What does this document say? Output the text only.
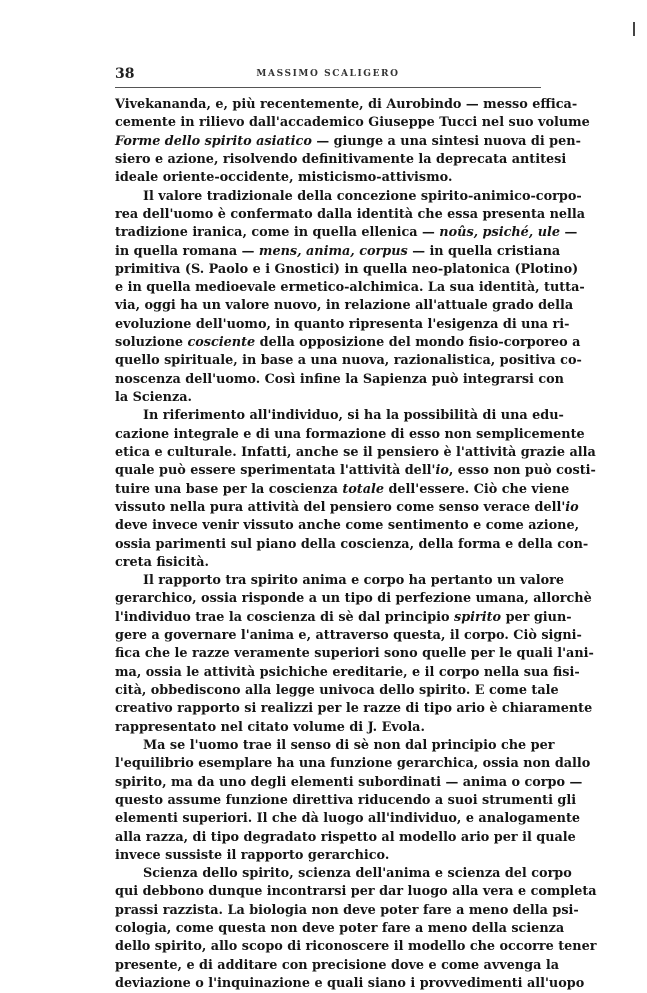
38	MASSIMO SCALIGERO
Vivekananda, e, più recentemente, di Aurobindo — messo effica-
cemente in rilievo dall'accademico Giuseppe Tucci nel suo volume
Forme dello spirito asiatico — giunge a una sintesi nuova di pen-
siero e azione, risolvendo definitivamente la deprecata antitesi
ideale oriente-occidente, misticismo-attivismo.
Il valore tradizionale della concezione spirito-animico-corpo-
rea dell'uomo è confermato dalla identità che essa presenta nella
tradizione iranica, come in quella ellenica — noûs, psiché, ule —
in quella romana — mens, anima, corpus — in quella cristiana
primitiva (S. Paolo e i Gnostici) in quella neo-platonica (Plotino)
e in quella medioevale ermetico-alchimica. La sua identità, tutta-
via, oggi ha un valore nuovo, in relazione all'attuale grado della
evoluzione dell'uomo, in quanto ripresenta l'esigenza di una ri-
soluzione cosciente della opposizione del mondo fisio-corporeo a
quello spirituale, in base a una nuova, razionalistica, positiva co-
noscenza dell'uomo. Così infine la Sapienza può integrarsi con
la Scienza.
In riferimento all'individuo, si ha la possibilità di una edu-
cazione integrale e di una formazione di esso non semplicemente
etica e culturale. Infatti, anche se il pensiero è l'attività grazie alla
quale può essere sperimentata l'attività dell'io, esso non può costi-
tuire una base per la coscienza totale dell'essere. Ciò che viene
vissuto nella pura attività del pensiero come senso verace dell'io
deve invece venir vissuto anche come sentimento e come azione,
ossia parimenti sul piano della coscienza, della forma e della con-
creta fisicità.
Il rapporto tra spirito anima e corpo ha pertanto un valore
gerarchico, ossia risponde a un tipo di perfezione umana, allorchè
l'individuo trae la coscienza di sè dal principio spirito per giun-
gere a governare l'anima e, attraverso questa, il corpo. Ciò signi-
fica che le razze veramente superiori sono quelle per le quali l'ani-
ma, ossia le attività psichiche ereditarie, e il corpo nella sua fisi-
cità, obbediscono alla legge univoca dello spirito. E come tale
creativo rapporto si realizzi per le razze di tipo ario è chiaramente
rappresentato nel citato volume di J. Evola.
Ma se l'uomo trae il senso di sè non dal principio che per
l'equilibrio esemplare ha una funzione gerarchica, ossia non dallo
spirito, ma da uno degli elementi subordinati — anima o corpo —
questo assume funzione direttiva riducendo a suoi strumenti gli
elementi superiori. Il che dà luogo all'individuo, e analogamente
alla razza, di tipo degradato rispetto al modello ario per il quale
invece sussiste il rapporto gerarchico.
Scienza dello spirito, scienza dell'anima e scienza del corpo
qui debbono dunque incontrarsi per dar luogo alla vera e completa
prassi razzista. La biologia non deve poter fare a meno della psi-
cologia, come questa non deve poter fare a meno della scienza
dello spirito, allo scopo di riconoscere il modello che occorre tener
presente, e di additare con precisione dove e come avvenga la
deviazione o l'inquinazione e quali siano i provvedimenti all'uopo
